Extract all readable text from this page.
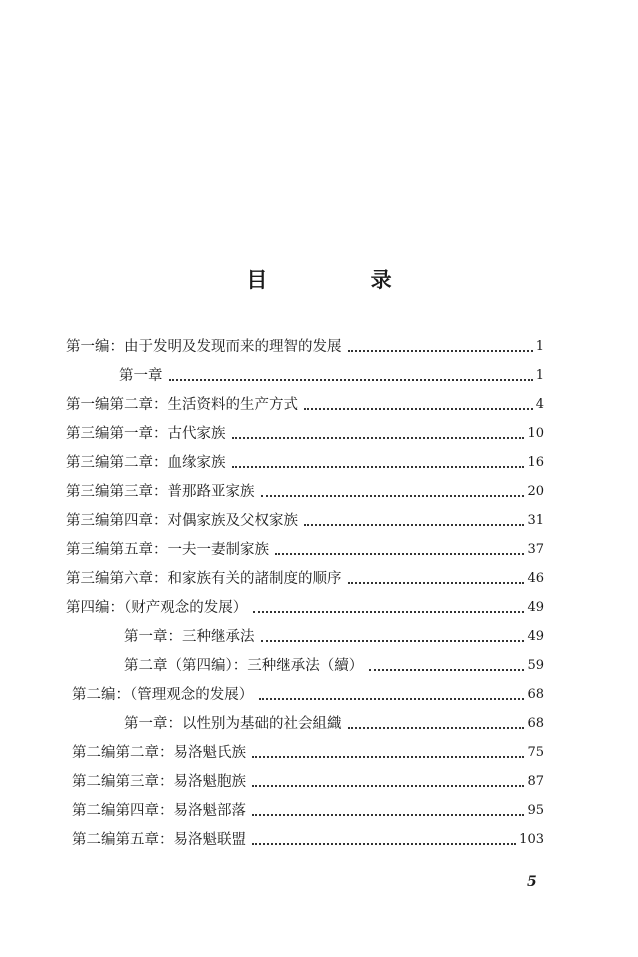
目 录
第一编：由于发明及发现而来的理智的发展	1
第一章	1
第一编第二章：生活资料的生产方式	4
第三编第一章：古代家族	10
第三编第二章：血缘家族	16
第三编第三章：普那路亚家族	20
第三编第四章：对偶家族及父权家族	31
第三编第五章：一夫一妻制家族	37
第三编第六章：和家族有关的諸制度的顺序	46
第四编：（财产观念的发展）	49
第一章：三种继承法	49
第二章（第四编）：三种继承法（續）	59
第二编：（管理观念的发展）	68
第一章：以性别为基础的社会組織	68
第二编第二章：易洛魁氏族	75
第二编第三章：易洛魁胞族	87
第二编第四章：易洛魁部落	95
第二编第五章：易洛魁联盟	103
5
